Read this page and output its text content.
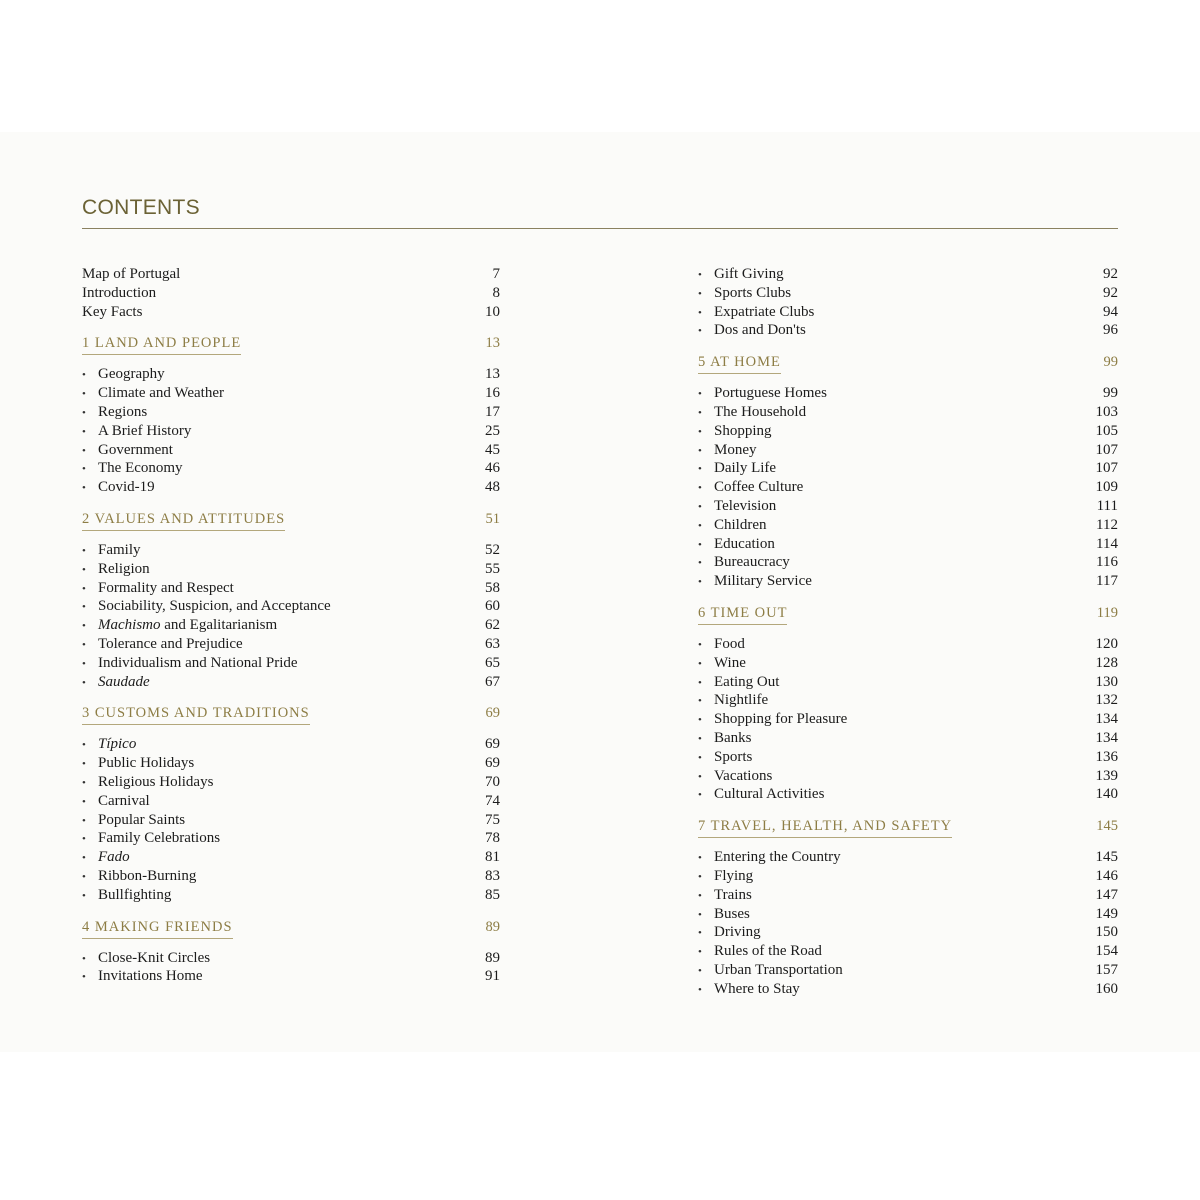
CONTENTS
Map of Portugal	7
Introduction	8
Key Facts	10
1 LAND AND PEOPLE	13
• Geography	13
• Climate and Weather	16
• Regions	17
• A Brief History	25
• Government	45
• The Economy	46
• Covid-19	48
2 VALUES AND ATTITUDES	51
• Family	52
• Religion	55
• Formality and Respect	58
• Sociability, Suspicion, and Acceptance	60
• Machismo and Egalitarianism	62
• Tolerance and Prejudice	63
• Individualism and National Pride	65
• Saudade	67
3 CUSTOMS AND TRADITIONS	69
• Típico	69
• Public Holidays	69
• Religious Holidays	70
• Carnival	74
• Popular Saints	75
• Family Celebrations	78
• Fado	81
• Ribbon-Burning	83
• Bullfighting	85
4 MAKING FRIENDS	89
• Close-Knit Circles	89
• Invitations Home	91
• Gift Giving	92
• Sports Clubs	92
• Expatriate Clubs	94
• Dos and Don'ts	96
5 AT HOME	99
• Portuguese Homes	99
• The Household	103
• Shopping	105
• Money	107
• Daily Life	107
• Coffee Culture	109
• Television	111
• Children	112
• Education	114
• Bureaucracy	116
• Military Service	117
6 TIME OUT	119
• Food	120
• Wine	128
• Eating Out	130
• Nightlife	132
• Shopping for Pleasure	134
• Banks	134
• Sports	136
• Vacations	139
• Cultural Activities	140
7 TRAVEL, HEALTH, AND SAFETY	145
• Entering the Country	145
• Flying	146
• Trains	147
• Buses	149
• Driving	150
• Rules of the Road	154
• Urban Transportation	157
• Where to Stay	160
